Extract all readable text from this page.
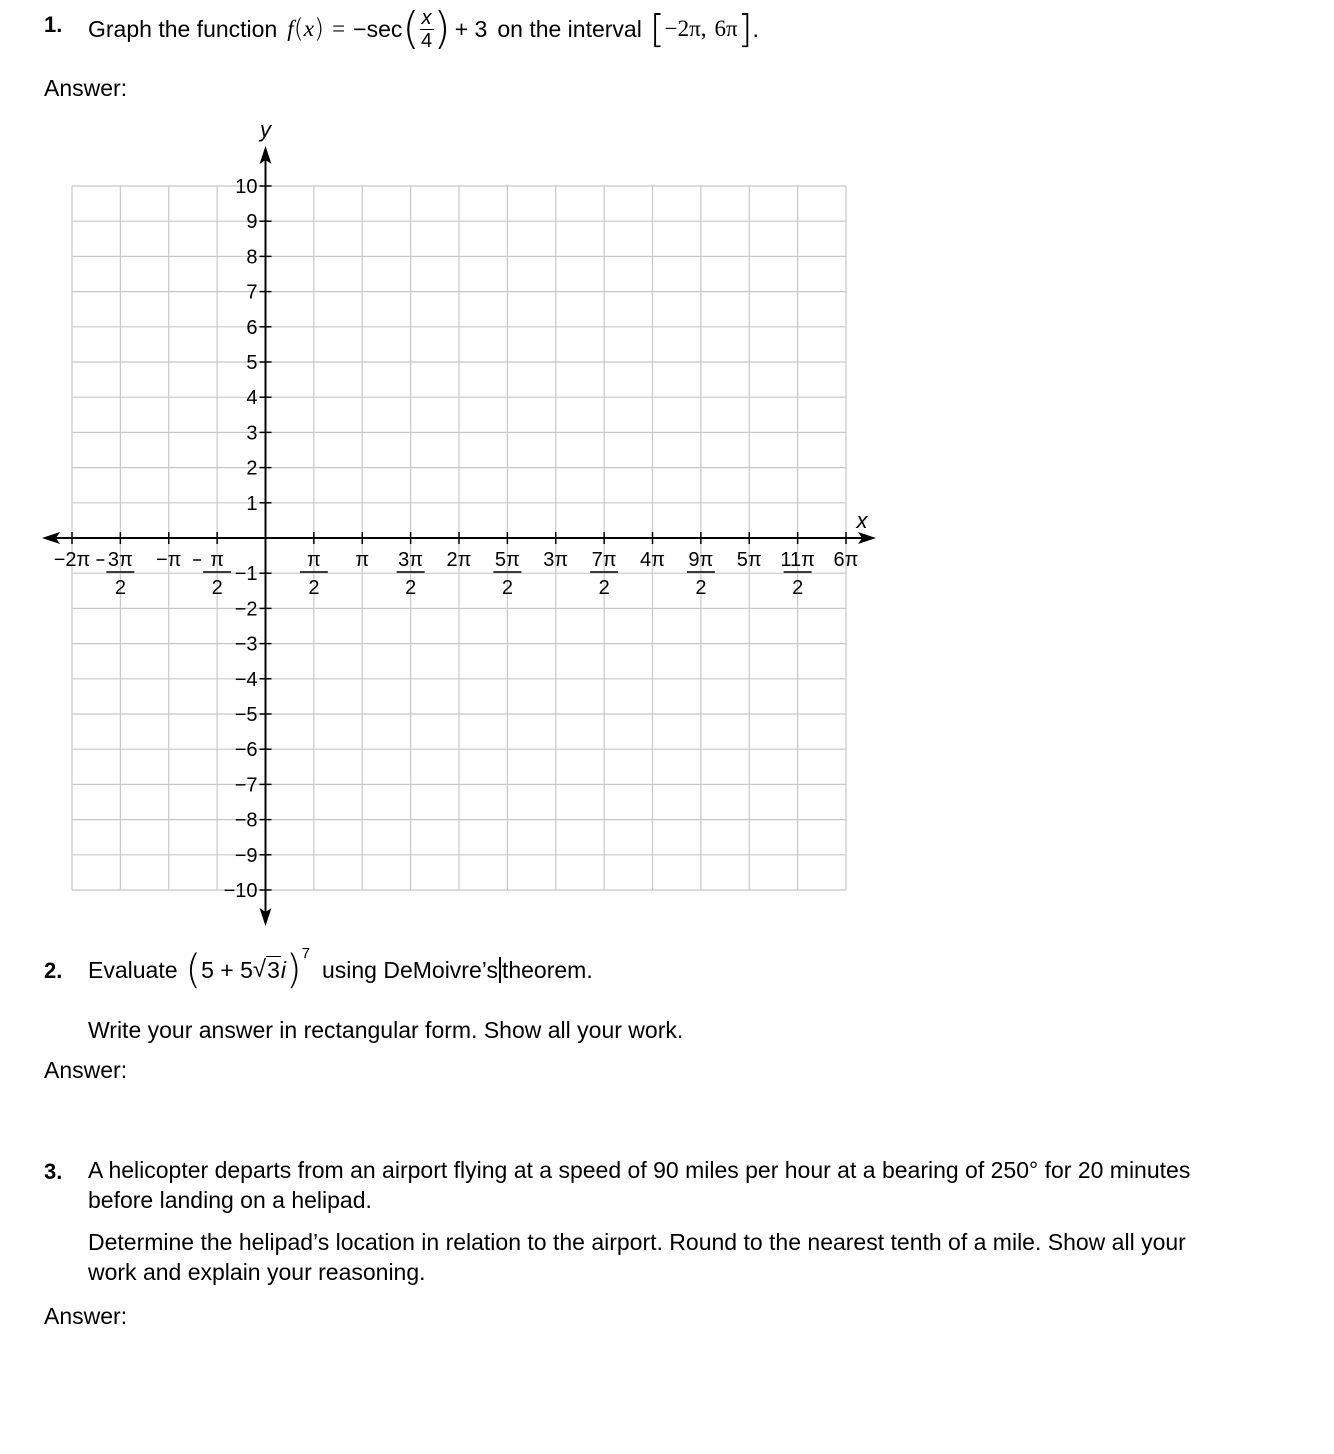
1. Graph the function f ( x ) = −sec ( $\frac{x}{4}$ ) + 3 on the interval [ −2π, 6π ] .
Answer:
y
x
10
9
8
7
6
5
4
3
2
1
−1
−2
−3
−4
−5
−6
−7
−8
−9
−10
−2π	−π	π	2π	3π	4π	5π	6π
3π
2
π
2
π
2
3π
2
5π
2
7π
2
9π
2
11π
2
2. Evaluate ( 5 + 5 √ 3 i )$^7$
using DeMoivre’s theorem.
Write your answer in rectangular form. Show all your work.
Answer:
3. A helicopter departs from an airport flying at a speed of 90 miles per hour at a bearing of 250° for 20 minutes
before landing on a helipad.
Determine the helipad’s location in relation to the airport. Round to the nearest tenth of a mile. Show all your
work and explain your reasoning.
Answer:
